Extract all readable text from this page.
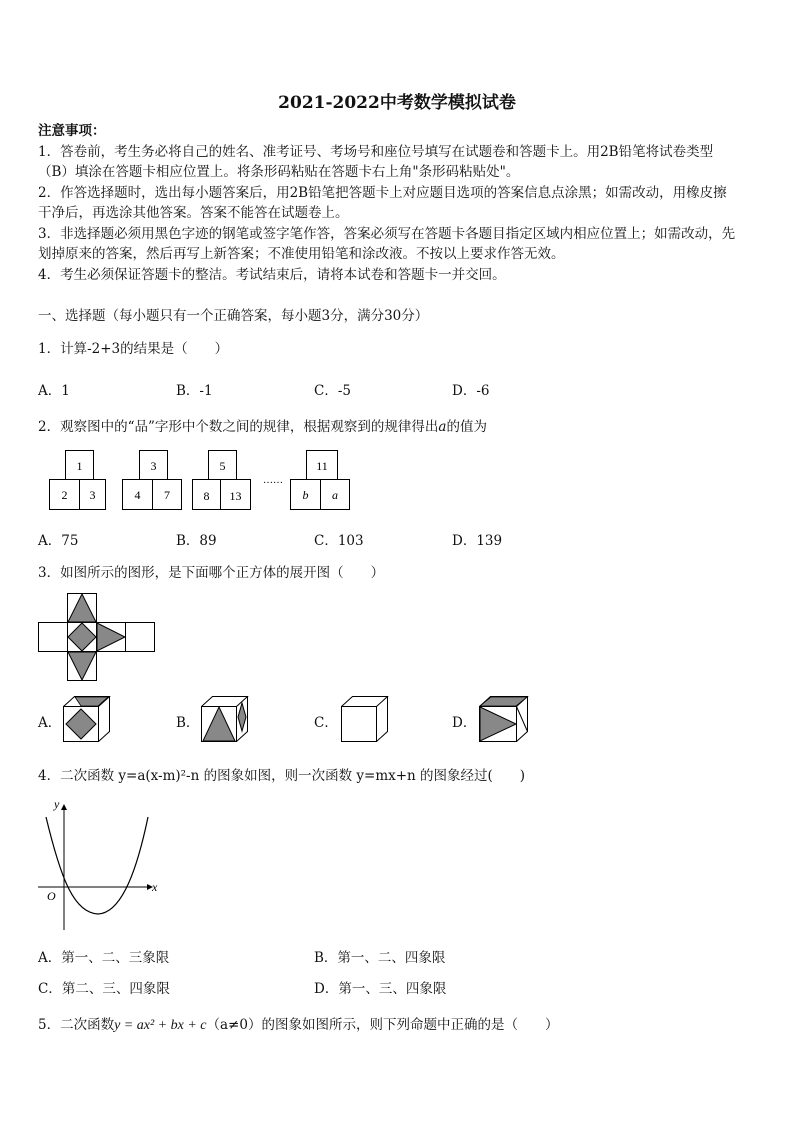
2021-2022中考数学模拟试卷
注意事项：
1．答卷前，考生务必将自己的姓名、准考证号、考场号和座位号填写在试题卷和答题卡上。用2B铅笔将试卷类型
（B）填涂在答题卡相应位置上。将条形码粘贴在答题卡右上角"条形码粘贴处"。
2．作答选择题时，选出每小题答案后，用2B铅笔把答题卡上对应题目选项的答案信息点涂黑；如需改动，用橡皮擦
干净后，再选涂其他答案。答案不能答在试题卷上。
3．非选择题必须用黑色字迹的钢笔或签字笔作答，答案必须写在答题卡各题目指定区域内相应位置上；如需改动，先
划掉原来的答案，然后再写上新答案；不准使用铅笔和涂改液。不按以上要求作答无效。
4．考生必须保证答题卡的整洁。考试结束后，请将本试卷和答题卡一并交回。
一、选择题（每小题只有一个正确答案，每小题3分，满分30分）
1．计算-2+3的结果是（　　）
A．1	B．-1	C．-5	D．-6
2．观察图中的“品”字形中个数之间的规律，根据观察到的规律得出a的值为
1
2 3
3
4 7
5
8 13
……
11
b a
A．75	B．89	C．103	D．139
3．如图所示的图形，是下面哪个正方体的展开图（　　）
A．	B．	C．	D．
4．二次函数 y=a(x-m)²-n 的图象如图，则一次函数 y=mx+n 的图象经过(　　)
y
x
O
A．第一、二、三象限	B．第一、二、四象限
C．第二、三、四象限	D．第一、三、四象限
5．二次函数y = ax² + bx + c（a≠0）的图象如图所示，则下列命题中正确的是（　　）
